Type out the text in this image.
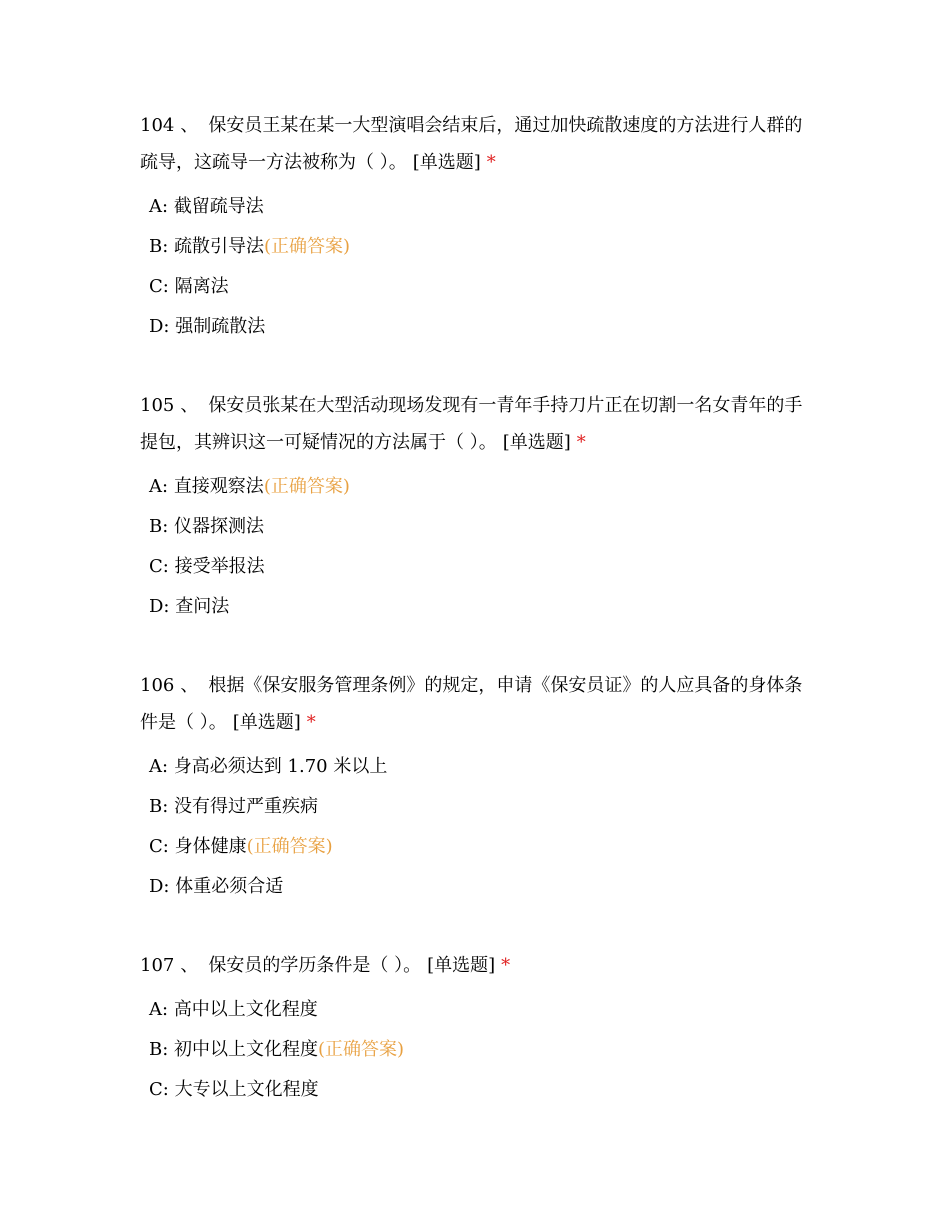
104 、 保安员王某在某一大型演唱会结束后，通过加快疏散速度的方法进行人群的疏导，这疏导一方法被称为（ ）。 [单选题] *

A: 截留疏导法
B: 疏散引导法(正确答案)
C: 隔离法
D: 强制疏散法

105 、 保安员张某在大型活动现场发现有一青年手持刀片正在切割一名女青年的手提包，其辨识这一可疑情况的方法属于（ ）。 [单选题] *

A: 直接观察法(正确答案)
B: 仪器探测法
C: 接受举报法
D: 查问法

106 、 根据《保安服务管理条例》的规定，申请《保安员证》的人应具备的身体条件是（ ）。 [单选题] *

A: 身高必须达到 1.70 米以上
B: 没有得过严重疾病
C: 身体健康(正确答案)
D: 体重必须合适

107 、 保安员的学历条件是（ ）。 [单选题] *

A: 高中以上文化程度
B: 初中以上文化程度(正确答案)
C: 大专以上文化程度
